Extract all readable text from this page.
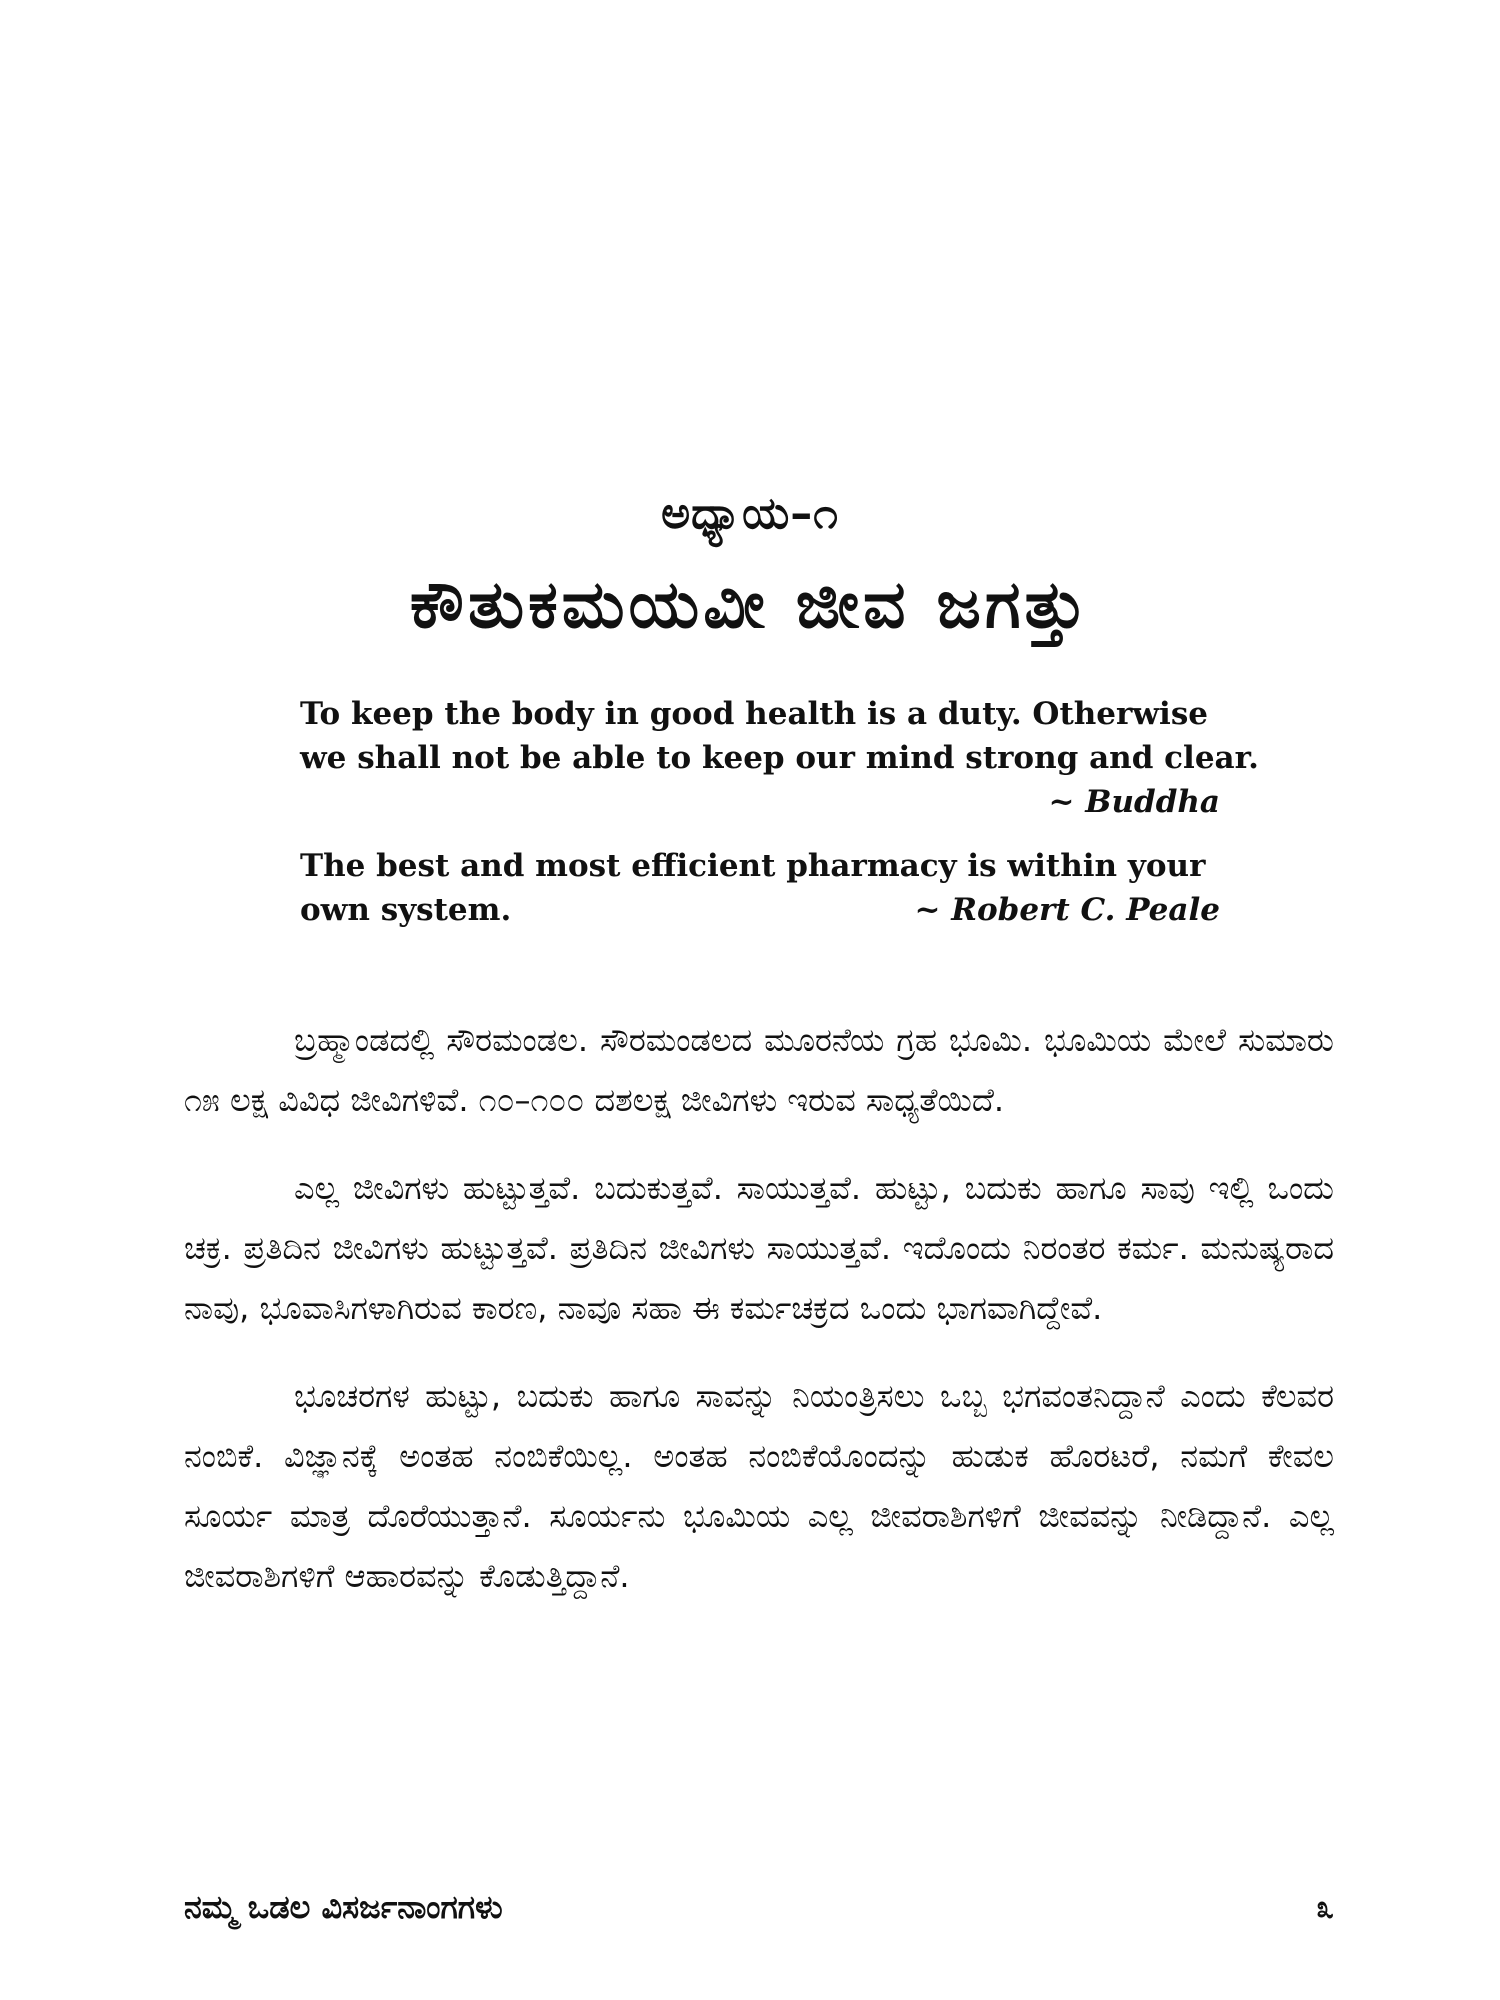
ಅಧ್ಯಾಯ–೧
ಕೌತುಕಮಯವೀ ಜೀವ ಜಗತ್ತು
To keep the body in good health is a duty. Otherwise
we shall not be able to keep our mind strong and clear.
~ Buddha
The best and most efficient pharmacy is within your
own system.	~ Robert C. Peale

ಬ್ರಹ್ಮಾಂಡದಲ್ಲಿ ಸೌರಮಂಡಲ. ಸೌರಮಂಡಲದ ಮೂರನೆಯ ಗ್ರಹ ಭೂಮಿ. ಭೂಮಿಯ ಮೇಲೆ ಸುಮಾರು ೧೫ ಲಕ್ಷ ವಿವಿಧ ಜೀವಿಗಳಿವೆ. ೧೦–೧೦೦ ದಶಲಕ್ಷ ಜೀವಿಗಳು ಇರುವ ಸಾಧ್ಯತೆಯಿದೆ.

ಎಲ್ಲ ಜೀವಿಗಳು ಹುಟ್ಟುತ್ತವೆ. ಬದುಕುತ್ತವೆ. ಸಾಯುತ್ತವೆ. ಹುಟ್ಟು, ಬದುಕು ಹಾಗೂ ಸಾವು ಇಲ್ಲಿ ಒಂದು ಚಕ್ರ. ಪ್ರತಿದಿನ ಜೀವಿಗಳು ಹುಟ್ಟುತ್ತವೆ. ಪ್ರತಿದಿನ ಜೀವಿಗಳು ಸಾಯುತ್ತವೆ. ಇದೊಂದು ನಿರಂತರ ಕರ್ಮ. ಮನುಷ್ಯರಾದ ನಾವು, ಭೂವಾಸಿಗಳಾಗಿರುವ ಕಾರಣ, ನಾವೂ ಸಹಾ ಈ ಕರ್ಮಚಕ್ರದ ಒಂದು ಭಾಗವಾಗಿದ್ದೇವೆ.

ಭೂಚರಗಳ ಹುಟ್ಟು, ಬದುಕು ಹಾಗೂ ಸಾವನ್ನು ನಿಯಂತ್ರಿಸಲು ಒಬ್ಬ ಭಗವಂತನಿದ್ದಾನೆ ಎಂದು ಕೆಲವರ ನಂಬಿಕೆ. ವಿಜ್ಞಾನಕ್ಕೆ ಅಂತಹ ನಂಬಿಕೆಯಿಲ್ಲ. ಅಂತಹ ನಂಬಿಕೆಯೊಂದನ್ನು ಹುಡುಕ ಹೊರಟರೆ, ನಮಗೆ ಕೇವಲ ಸೂರ್ಯ ಮಾತ್ರ ದೊರೆಯುತ್ತಾನೆ. ಸೂರ್ಯನು ಭೂಮಿಯ ಎಲ್ಲ ಜೀವರಾಶಿಗಳಿಗೆ ಜೀವವನ್ನು ನೀಡಿದ್ದಾನೆ. ಎಲ್ಲ ಜೀವರಾಶಿಗಳಿಗೆ ಆಹಾರವನ್ನು ಕೊಡುತ್ತಿದ್ದಾನೆ.

ನಮ್ಮ ಒಡಲ ವಿಸರ್ಜನಾಂಗಗಳು	೩
